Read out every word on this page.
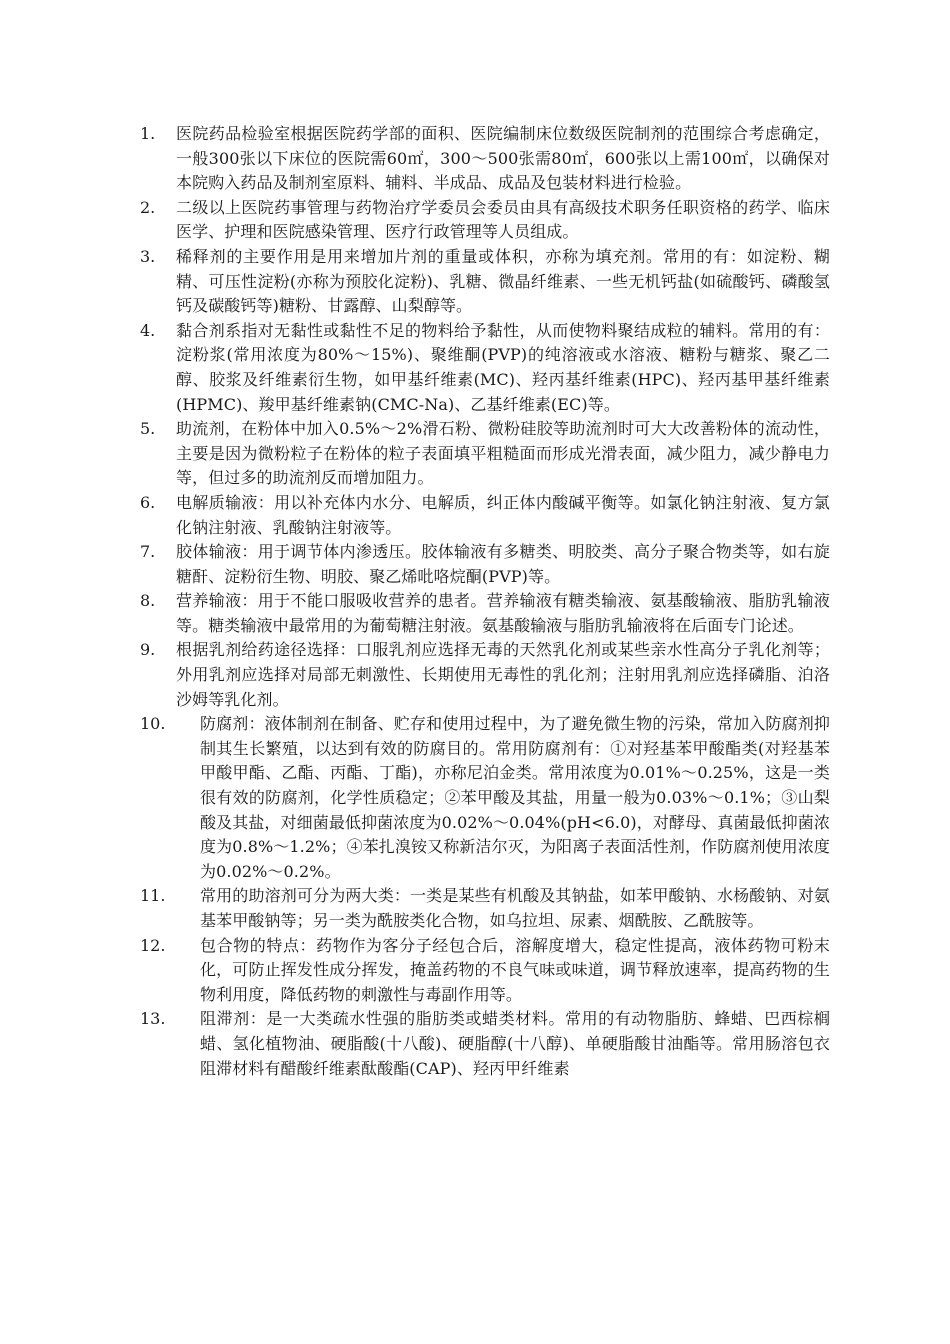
1.	医院药品检验室根据医院药学部的面积、医院编制床位数级医院制剂的范围综合考虑确定，一般300张以下床位的医院需60㎡，300～500张需80㎡，600张以上需100㎡，以确保对本院购入药品及制剂室原料、辅料、半成品、成品及包装材料进行检验。
2.	二级以上医院药事管理与药物治疗学委员会委员由具有高级技术职务任职资格的药学、临床医学、护理和医院感染管理、医疗行政管理等人员组成。
3.	稀释剂的主要作用是用来增加片剂的重量或体积，亦称为填充剂。常用的有：如淀粉、糊精、可压性淀粉(亦称为预胶化淀粉)、乳糖、微晶纤维素、一些无机钙盐(如硫酸钙、磷酸氢钙及碳酸钙等)糖粉、甘露醇、山梨醇等。
4.	黏合剂系指对无黏性或黏性不足的物料给予黏性，从而使物料聚结成粒的辅料。常用的有：淀粉浆(常用浓度为80%～15%)、聚维酮(PVP)的纯溶液或水溶液、糖粉与糖浆、聚乙二醇、胶浆及纤维素衍生物，如甲基纤维素(MC)、羟丙基纤维素(HPC)、羟丙基甲基纤维素(HPMC)、羧甲基纤维素钠(CMC-Na)、乙基纤维素(EC)等。
5.	助流剂，在粉体中加入0.5%～2%滑石粉、微粉硅胶等助流剂时可大大改善粉体的流动性，主要是因为微粉粒子在粉体的粒子表面填平粗糙面而形成光滑表面，减少阻力，减少静电力等，但过多的助流剂反而增加阻力。
6.	电解质输液：用以补充体内水分、电解质，纠正体内酸碱平衡等。如氯化钠注射液、复方氯化钠注射液、乳酸钠注射液等。
7.	胶体输液：用于调节体内渗透压。胶体输液有多糖类、明胶类、高分子聚合物类等，如右旋糖酐、淀粉衍生物、明胶、聚乙烯吡咯烷酮(PVP)等。
8.	营养输液：用于不能口服吸收营养的患者。营养输液有糖类输液、氨基酸输液、脂肪乳输液等。糖类输液中最常用的为葡萄糖注射液。氨基酸输液与脂肪乳输液将在后面专门论述。
9.	根据乳剂给药途径选择：口服乳剂应选择无毒的天然乳化剂或某些亲水性高分子乳化剂等；外用乳剂应选择对局部无刺激性、长期使用无毒性的乳化剂；注射用乳剂应选择磷脂、泊洛沙姆等乳化剂。
10.	防腐剂：液体制剂在制备、贮存和使用过程中，为了避免微生物的污染，常加入防腐剂抑制其生长繁殖，以达到有效的防腐目的。常用防腐剂有：①对羟基苯甲酸酯类(对羟基苯甲酸甲酯、乙酯、丙酯、丁酯)，亦称尼泊金类。常用浓度为0.01%～0.25%，这是一类很有效的防腐剂，化学性质稳定；②苯甲酸及其盐，用量一般为0.03%～0.1%；③山梨酸及其盐，对细菌最低抑菌浓度为0.02%～0.04%(pH<6.0)，对酵母、真菌最低抑菌浓度为0.8%～1.2%；④苯扎溴铵又称新洁尔灭，为阳离子表面活性剂，作防腐剂使用浓度为0.02%～0.2%。
11.	常用的助溶剂可分为两大类：一类是某些有机酸及其钠盐，如苯甲酸钠、水杨酸钠、对氨基苯甲酸钠等；另一类为酰胺类化合物，如乌拉坦、尿素、烟酰胺、乙酰胺等。
12.	包合物的特点：药物作为客分子经包合后，溶解度增大，稳定性提高，液体药物可粉末化，可防止挥发性成分挥发，掩盖药物的不良气味或味道，调节释放速率，提高药物的生物利用度，降低药物的刺激性与毒副作用等。
13.	阻滞剂：是一大类疏水性强的脂肪类或蜡类材料。常用的有动物脂肪、蜂蜡、巴西棕榈蜡、氢化植物油、硬脂酸(十八酸)、硬脂醇(十八醇)、单硬脂酸甘油酯等。常用肠溶包衣阻滞材料有醋酸纤维素酞酸酯(CAP)、羟丙甲纤维素
